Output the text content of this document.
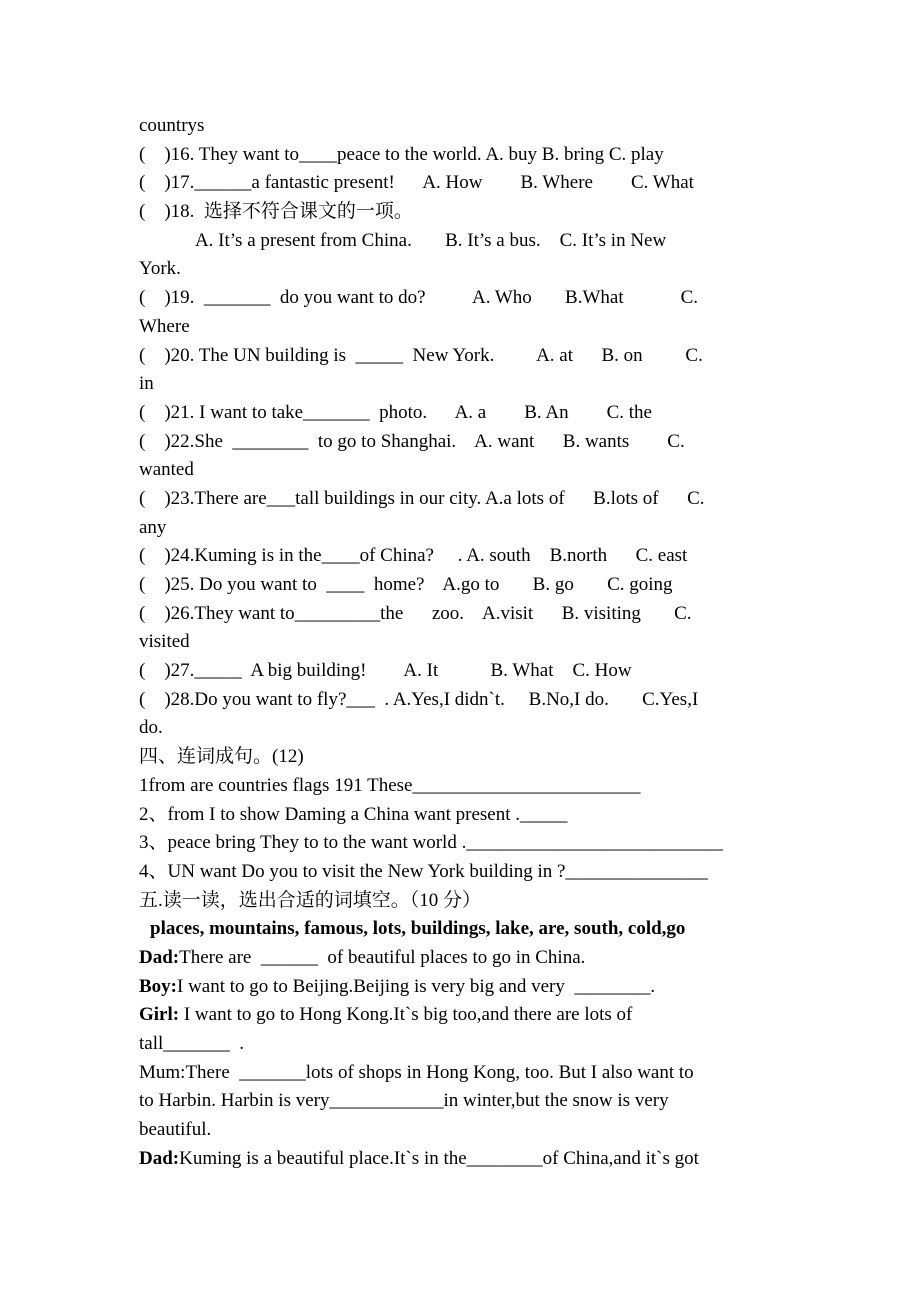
countrys
(    )16. They want to____peace to the world. A. buy B. bring C. play
(    )17.______a fantastic present!      A. How        B. Where        C. What
(    )18.  选择不符合课文的一项。
A. It’s a present from China.       B. It’s a bus.    C. It’s in New
York.
(    )19.  _______  do you want to do?          A. Who       B.What            C.
Where
(    )20. The UN building is  _____  New York.         A. at      B. on         C.
in
(    )21. I want to take_______  photo.      A. a        B. An        C. the
(    )22.She  ________  to go to Shanghai.    A. want      B. wants        C.
wanted
(    )23.There are___tall buildings in our city. A.a lots of      B.lots of      C.
any
(    )24.Kuming is in the____of China?     . A. south    B.north      C. east
(    )25. Do you want to  ____  home?    A.go to       B. go       C. going
(    )26.They want to_________the      zoo.    A.visit      B. visiting       C.
visited
(    )27._____  A big building!        A. It           B. What    C. How
(    )28.Do you want to fly?___  . A.Yes,I didn`t.     B.No,I do.       C.Yes,I
do.
四、连词成句。(12)
1from are countries flags 191 These________________________
2、from I to show Daming a China want present ._____
3、peace bring They to to the want world .___________________________
4、UN want Do you to visit the New York building in ?_______________
五.读一读，选出合适的词填空。（10 分）
places, mountains, famous, lots, buildings, lake, are, south, cold,go
Dad:There are  ______  of beautiful places to go in China.
Boy:I want to go to Beijing.Beijing is very big and very  ________.
Girl: I want to go to Hong Kong.It`s big too,and there are lots of
tall_______  .
Mum:There  _______lots of shops in Hong Kong, too. But I also want to
to Harbin. Harbin is very____________in winter,but the snow is very
beautiful.
Dad:Kuming is a beautiful place.It`s in the________of China,and it`s got
